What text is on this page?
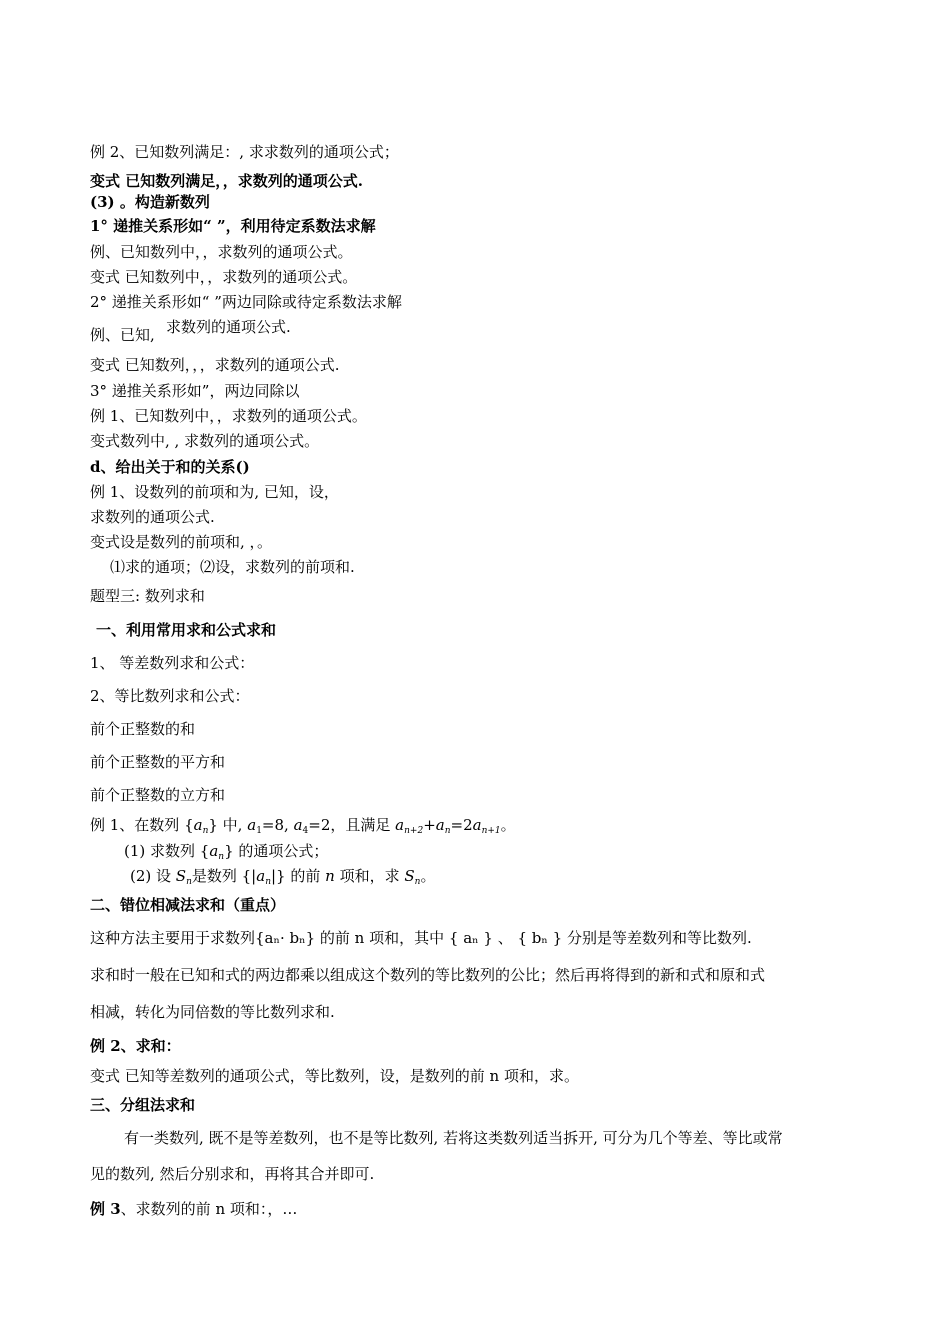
例 2、已知数列满足：, 求求数列的通项公式；
变式 已知数列满足，，求数列的通项公式.
(3) 。构造新数列
1° 递推关系形如“ ”，利用待定系数法求解
例、已知数列中，，求数列的通项公式。
变式 已知数列中，，求数列的通项公式。
2° 递推关系形如“ ”两边同除或待定系数法求解
例、已知, 求数列的通项公式.
变式 已知数列，，，求数列的通项公式.
3° 递推关系形如”，两边同除以
例 1、已知数列中，，求数列的通项公式。
变式数列中, , 求数列的通项公式。
d、给出关于和的关系()
例 1、设数列的前项和为, 已知，设，
求数列的通项公式.
变式设是数列的前项和, ，。
⑴求的通项；⑵设，求数列的前项和.
题型三: 数列求和
一、利用常用求和公式求和
1、 等差数列求和公式：
2、等比数列求和公式：
前个正整数的和
前个正整数的平方和
前个正整数的立方和
例 1、在数列 $\{a_n\}$ 中, $a_1=8$, $a_4=2$，且满足 $a_{n+2}+a_n=2a_{n+1}$。
(1) 求数列 $\{a_n\}$ 的通项公式；
(2) 设 $S_n$是数列 $\{|a_n|\}$ 的前 n 项和，求 $S_n$。
二、错位相减法求和（重点）
这种方法主要用于求数列{aₙ· bₙ} 的前 n 项和，其中 { aₙ } 、 { bₙ } 分别是等差数列和等比数列.
求和时一般在已知和式的两边都乘以组成这个数列的等比数列的公比；然后再将得到的新和式和原和式
相减，转化为同倍数的等比数列求和.
例 2、求和：
变式 已知等差数列的通项公式，等比数列，设，是数列的前 n 项和，求。
三、分组法求和
有一类数列, 既不是等差数列，也不是等比数列, 若将这类数列适当拆开, 可分为几个等差、等比或常
见的数列, 然后分别求和，再将其合并即可.
例 3、求数列的前 n 项和：，…
